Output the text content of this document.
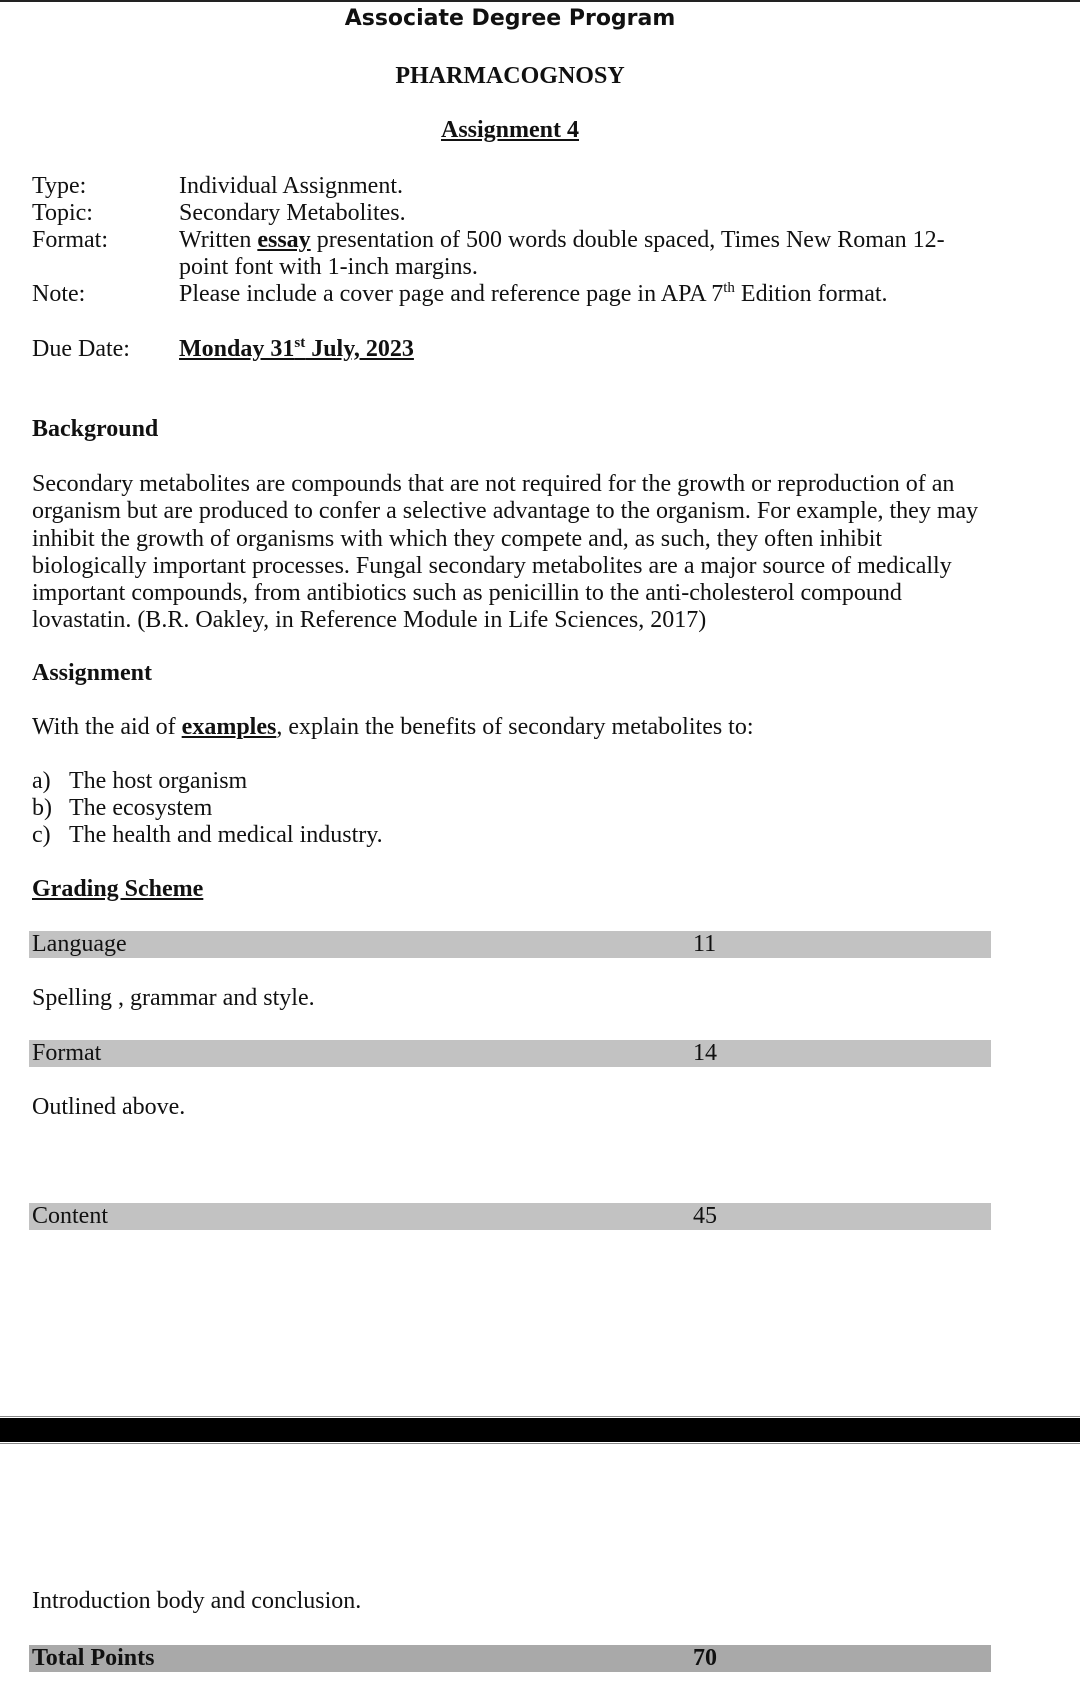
Associate Degree Program
PHARMACOGNOSY
Assignment 4
Type:	Individual Assignment.
Topic:	Secondary Metabolites.
Format:	Written essay presentation of 500 words double spaced, Times New Roman 12-point font with 1-inch margins.
Note:	Please include a cover page and reference page in APA 7th Edition format.
Due Date: Monday 31st July, 2023
Background
Secondary metabolites are compounds that are not required for the growth or reproduction of an organism but are produced to confer a selective advantage to the organism. For example, they may inhibit the growth of organisms with which they compete and, as such, they often inhibit biologically important processes. Fungal secondary metabolites are a major source of medically important compounds, from antibiotics such as penicillin to the anti-cholesterol compound lovastatin. (B.R. Oakley, in Reference Module in Life Sciences, 2017)
Assignment
With the aid of examples, explain the benefits of secondary metabolites to:
a) The host organism
b) The ecosystem
c) The health and medical industry.
Grading Scheme
Language	11
Spelling , grammar and style.
Format	14
Outlined above.
Content	45
Introduction body and conclusion.
Total Points	70
